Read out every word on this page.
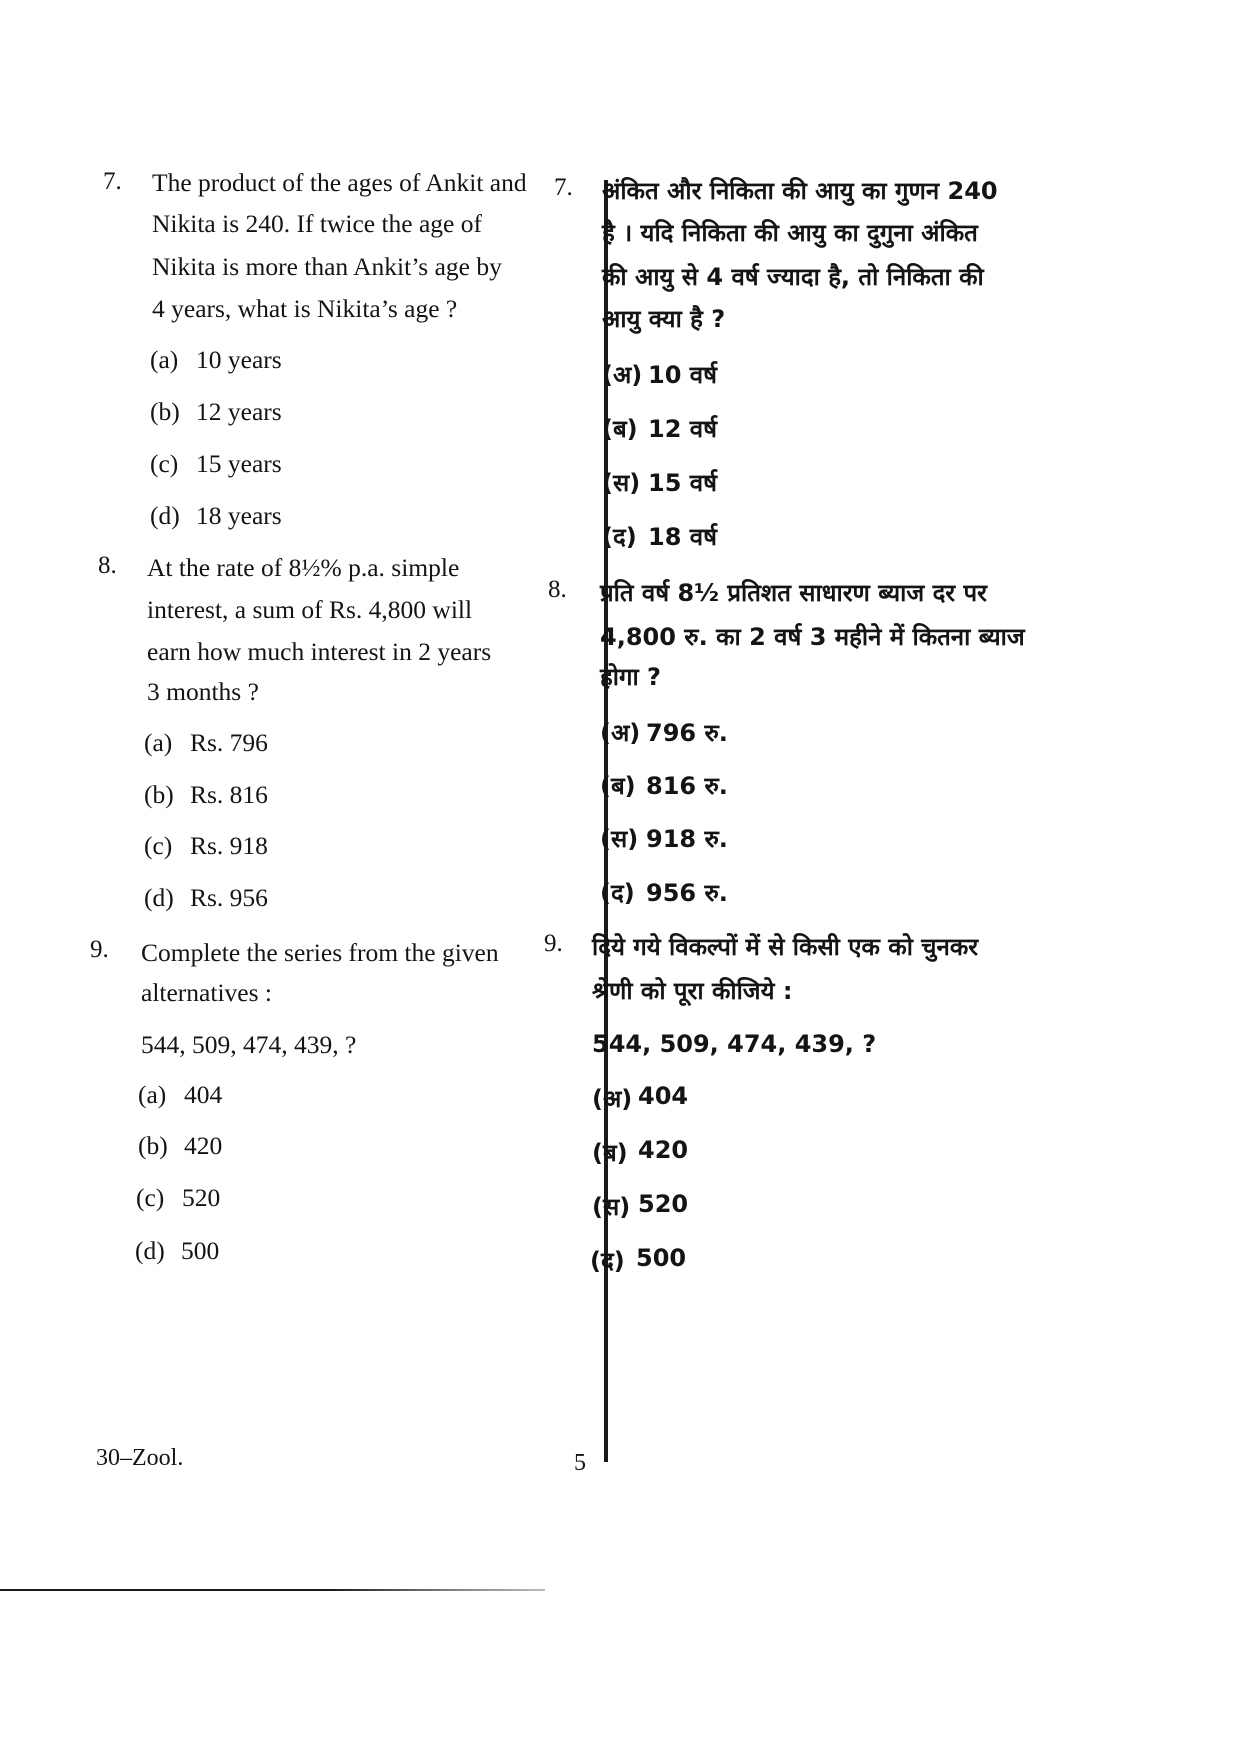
7. The product of the ages of Ankit and
Nikita is 240. If twice the age of
Nikita is more than Ankit’s age by
4 years, what is Nikita’s age ?
(a) 10 years
(b) 12 years
(c) 15 years
(d) 18 years
8. At the rate of 8½% p.a. simple
interest, a sum of Rs. 4,800 will
earn how much interest in 2 years
3 months ?
(a) Rs. 796
(b) Rs. 816
(c) Rs. 918
(d) Rs. 956
9. Complete the series from the given
alternatives :
544, 509, 474, 439, ?
(a) 404
(b) 420
(c) 520
(d) 500
7. अंकित और निकिता की आयु का गुणन 240
है । यदि निकिता की आयु का दुगुना अंकित
की आयु से 4 वर्ष ज्यादा है, तो निकिता की
आयु क्या है ?
(अ) 10 वर्ष
(ब) 12 वर्ष
(स) 15 वर्ष
(द) 18 वर्ष
8. प्रति वर्ष 8½ प्रतिशत साधारण ब्याज दर पर
4,800 रु. का 2 वर्ष 3 महीने में कितना ब्याज
होगा ?
(अ) 796 रु.
(ब) 816 रु.
(स) 918 रु.
(द) 956 रु.
9. दिये गये विकल्पों में से किसी एक को चुनकर
श्रेणी को पूरा कीजिये :
544, 509, 474, 439, ?
(अ) 404
(ब) 420
(स) 520
(द) 500
30–Zool.	5
